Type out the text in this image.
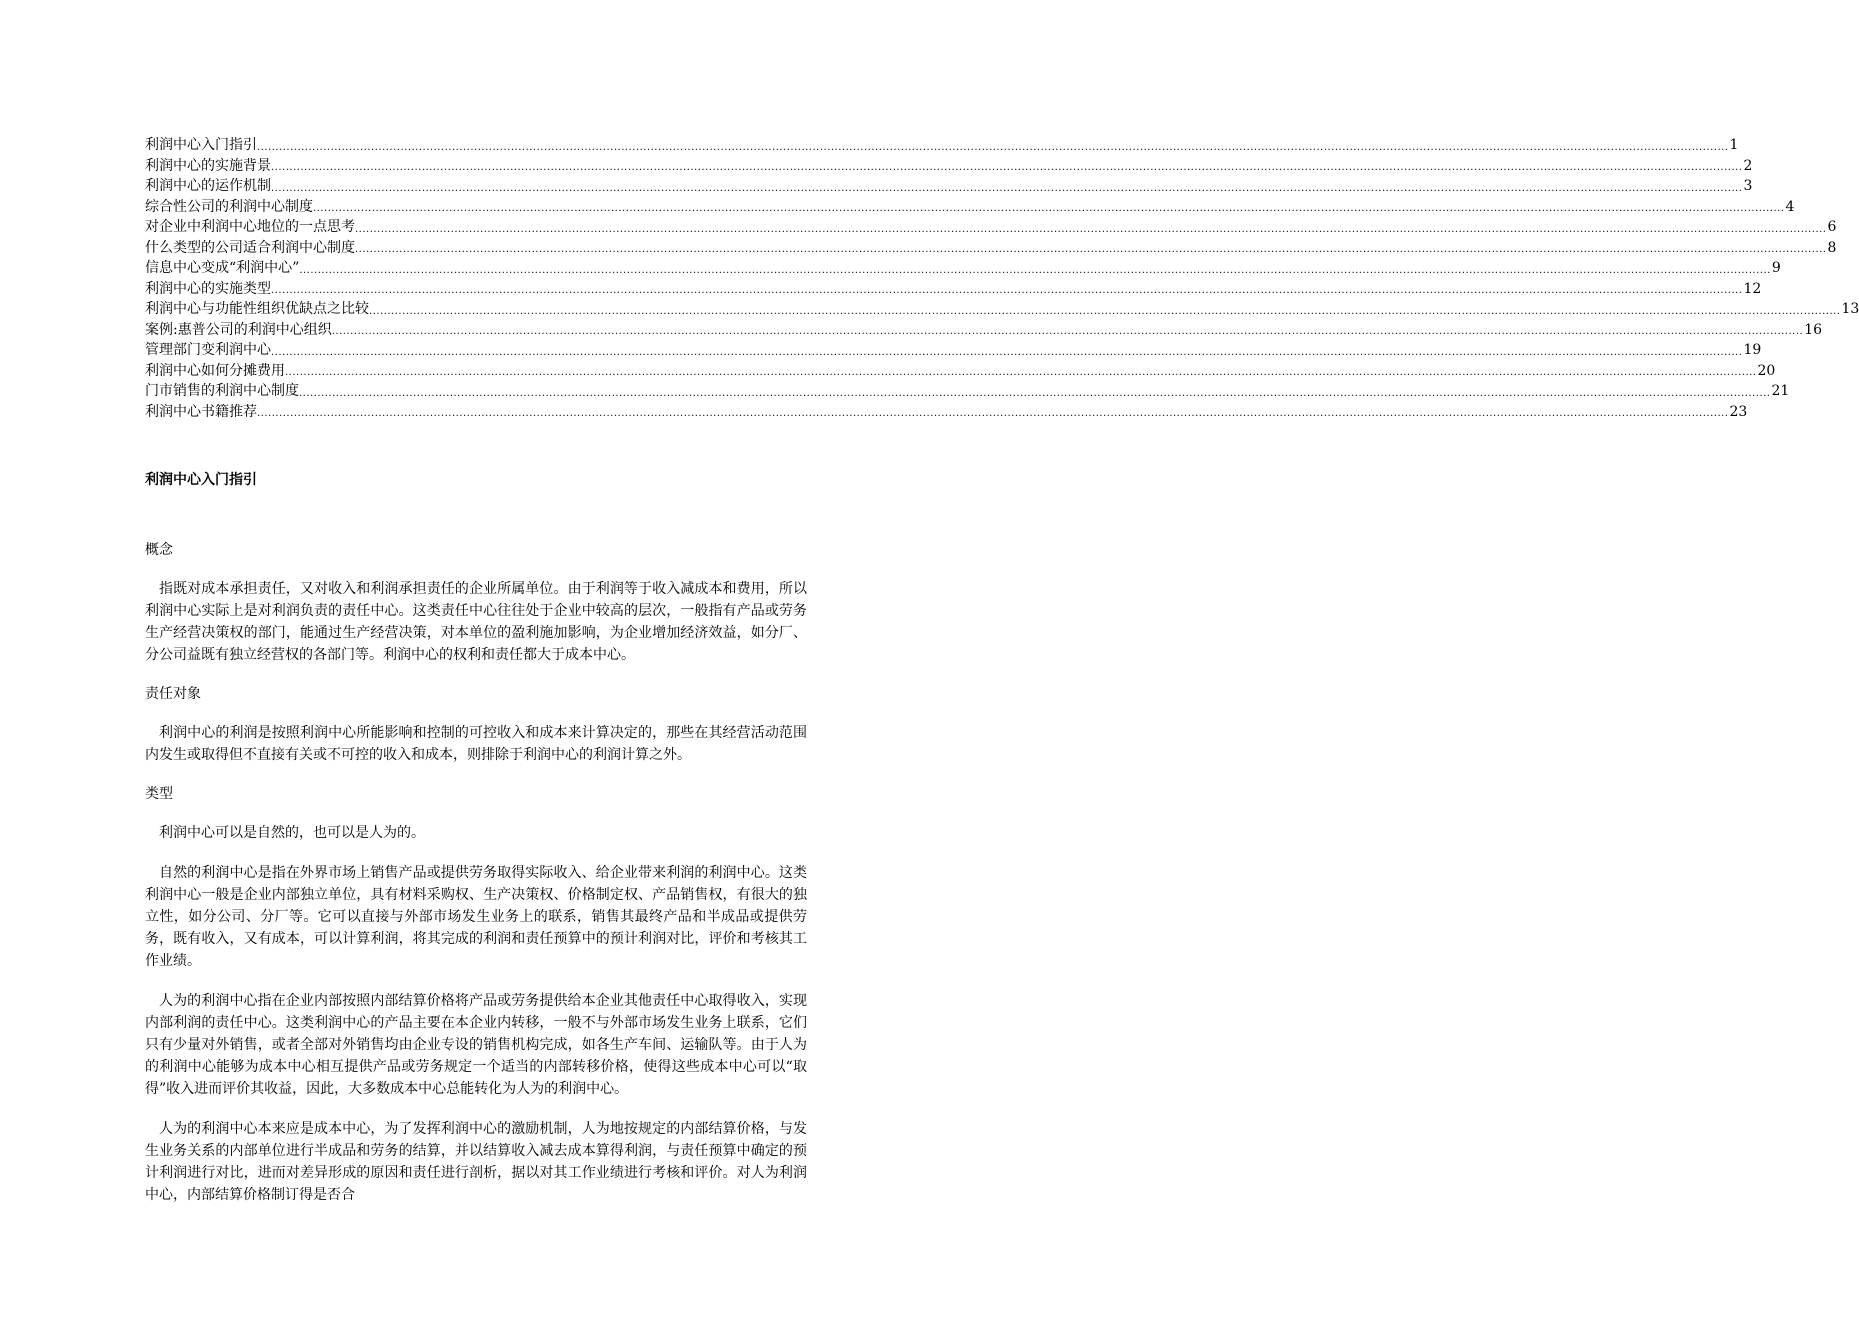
利润中心入门指引 ................................................................................................................................................................................................................................................................................................................................................................................................................ 1
利润中心的实施背景 ................................................................................................................................................................................................................................................................................................................................................................................................................ 2
利润中心的运作机制 ................................................................................................................................................................................................................................................................................................................................................................................................................ 3
综合性公司的利润中心制度 ................................................................................................................................................................................................................................................................................................................................................................................................................ 4
对企业中利润中心地位的一点思考 ................................................................................................................................................................................................................................................................................................................................................................................................................ 6
什么类型的公司适合利润中心制度 ................................................................................................................................................................................................................................................................................................................................................................................................................ 8
信息中心变成“利润中心” ................................................................................................................................................................................................................................................................................................................................................................................................................ 9
利润中心的实施类型 ................................................................................................................................................................................................................................................................................................................................................................................................................ 12
利润中心与功能性组织优缺点之比较 ................................................................................................................................................................................................................................................................................................................................................................................................................ 13
案例:惠普公司的利润中心组织 ................................................................................................................................................................................................................................................................................................................................................................................................................ 16
管理部门变利润中心 ................................................................................................................................................................................................................................................................................................................................................................................................................ 19
利润中心如何分摊费用 ................................................................................................................................................................................................................................................................................................................................................................................................................ 20
门市销售的利润中心制度 ................................................................................................................................................................................................................................................................................................................................................................................................................ 21
利润中心书籍推荐 ................................................................................................................................................................................................................................................................................................................................................................................................................ 23
利润中心入门指引

概念

指既对成本承担责任，又对收入和利润承担责任的企业所属单位。由于利润等于收入减成本和费用，所以利润中心实际上是对利润负责的责任中心。这类责任中心往往处于企业中较高的层次，一般指有产品或劳务生产经营决策权的部门，能通过生产经营决策，对本单位的盈利施加影响，为企业增加经济效益，如分厂、分公司益既有独立经营权的各部门等。利润中心的权利和责任都大于成本中心。

责任对象

利润中心的利润是按照利润中心所能影响和控制的可控收入和成本来计算决定的，那些在其经营活动范围内发生或取得但不直接有关或不可控的收入和成本，则排除于利润中心的利润计算之外。

类型

利润中心可以是自然的，也可以是人为的。

自然的利润中心是指在外界市场上销售产品或提供劳务取得实际收入、给企业带来利润的利润中心。这类利润中心一般是企业内部独立单位，具有材料采购权、生产决策权、价格制定权、产品销售权，有很大的独立性，如分公司、分厂等。它可以直接与外部市场发生业务上的联系，销售其最终产品和半成品或提供劳务，既有收入，又有成本，可以计算利润，将其完成的利润和责任预算中的预计利润对比，评价和考核其工作业绩。

人为的利润中心指在企业内部按照内部结算价格将产品或劳务提供给本企业其他责任中心取得收入，实现内部利润的责任中心。这类利润中心的产品主要在本企业内转移，一般不与外部市场发生业务上联系，它们只有少量对外销售，或者全部对外销售均由企业专设的销售机构完成，如各生产车间、运输队等。由于人为的利润中心能够为成本中心相互提供产品或劳务规定一个适当的内部转移价格，使得这些成本中心可以“取得”收入进而评价其收益，因此，大多数成本中心总能转化为人为的利润中心。

人为的利润中心本来应是成本中心，为了发挥利润中心的激励机制，人为地按规定的内部结算价格，与发生业务关系的内部单位进行半成品和劳务的结算，并以结算收入减去成本算得利润，与责任预算中确定的预计利润进行对比，进而对差异形成的原因和责任进行剖析，据以对其工作业绩进行考核和评价。对人为利润中心，内部结算价格制订得是否合
